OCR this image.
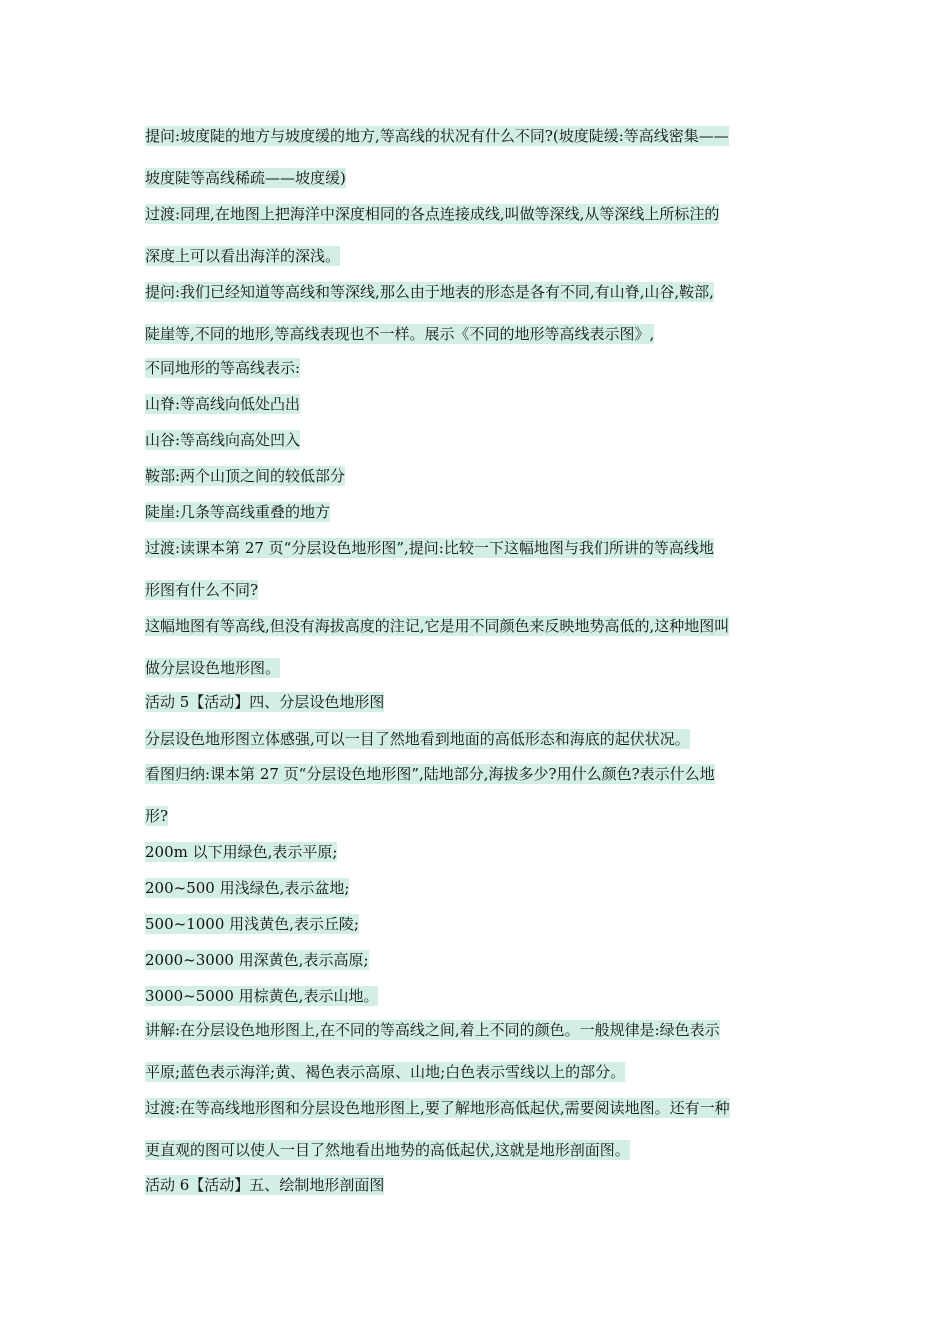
提问:坡度陡的地方与坡度缓的地方,等高线的状况有什么不同?(坡度陡缓:等高线密集——
坡度陡等高线稀疏——坡度缓)
过渡:同理,在地图上把海洋中深度相同的各点连接成线,叫做等深线,从等深线上所标注的
深度上可以看出海洋的深浅。
提问:我们已经知道等高线和等深线,那么由于地表的形态是各有不同,有山脊,山谷,鞍部,
陡崖等,不同的地形,等高线表现也不一样。展示《不同的地形等高线表示图》,
不同地形的等高线表示:
山脊:等高线向低处凸出
山谷:等高线向高处凹入
鞍部:两个山顶之间的较低部分
陡崖:几条等高线重叠的地方
过渡:读课本第 27 页“分层设色地形图”,提问:比较一下这幅地图与我们所讲的等高线地
形图有什么不同?
这幅地图有等高线,但没有海拔高度的注记,它是用不同颜色来反映地势高低的,这种地图叫
做分层设色地形图。
活动 5【活动】四、分层设色地形图
分层设色地形图立体感强,可以一目了然地看到地面的高低形态和海底的起伏状况。
看图归纳:课本第 27 页“分层设色地形图”,陆地部分,海拔多少?用什么颜色?表示什么地
形?
200m 以下用绿色,表示平原;
200~500 用浅绿色,表示盆地;
500~1000 用浅黄色,表示丘陵;
2000~3000 用深黄色,表示高原;
3000~5000 用棕黄色,表示山地。
讲解:在分层设色地形图上,在不同的等高线之间,着上不同的颜色。一般规律是:绿色表示
平原;蓝色表示海洋;黄、褐色表示高原、山地;白色表示雪线以上的部分。
过渡:在等高线地形图和分层设色地形图上,要了解地形高低起伏,需要阅读地图。还有一种
更直观的图可以使人一目了然地看出地势的高低起伏,这就是地形剖面图。
活动 6【活动】五、绘制地形剖面图
